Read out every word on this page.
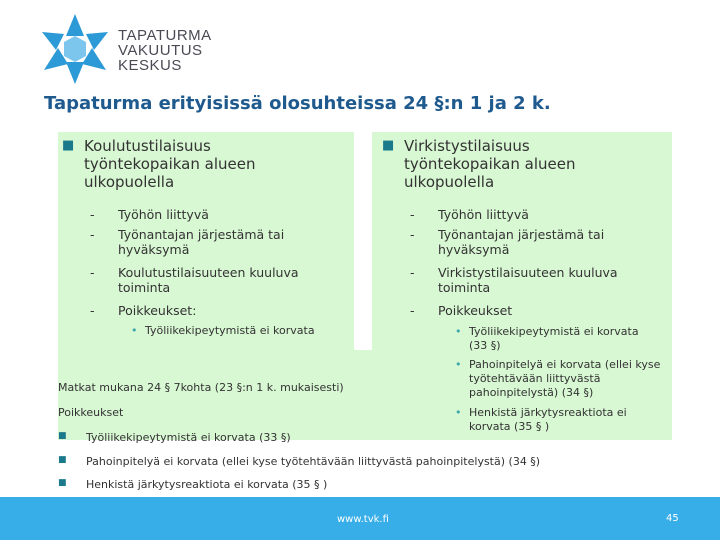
TAPATURMA
VAKUUTUS
KESKUS
Tapaturma erityisissä olosuhteissa 24 §:n 1 ja 2 k.
■ Koulutustilaisuus
työntekopaikan alueen
ulkopuolella
- Työhön liittyvä
- Työnantajan järjestämä tai
hyväksymä
- Koulutustilaisuuteen kuuluva
toiminta
- Poikkeukset:
• Työliikekipeytymistä ei korvata
■ Virkistystilaisuus
työntekopaikan alueen
ulkopuolella
- Työhön liittyvä
- Työnantajan järjestämä tai
hyväksymä
- Virkistystilaisuuteen kuuluva
toiminta
- Poikkeukset
• Työliikekipeytymistä ei korvata
(33 §)
• Pahoinpitelyä ei korvata (ellei kyse
työtehtävään liittyvästä
pahoinpitelystä) (34 §)
• Henkistä järkytysreaktiota ei
korvata (35 § )
Matkat mukana 24 § 7kohta (23 §:n 1 k. mukaisesti)
Poikkeukset
■ Työliikekipeytymistä ei korvata (33 §)
■ Pahoinpitelyä ei korvata (ellei kyse työtehtävään liittyvästä pahoinpitelystä) (34 §)
■ Henkistä järkytysreaktiota ei korvata (35 § )
www.tvk.fi	45
